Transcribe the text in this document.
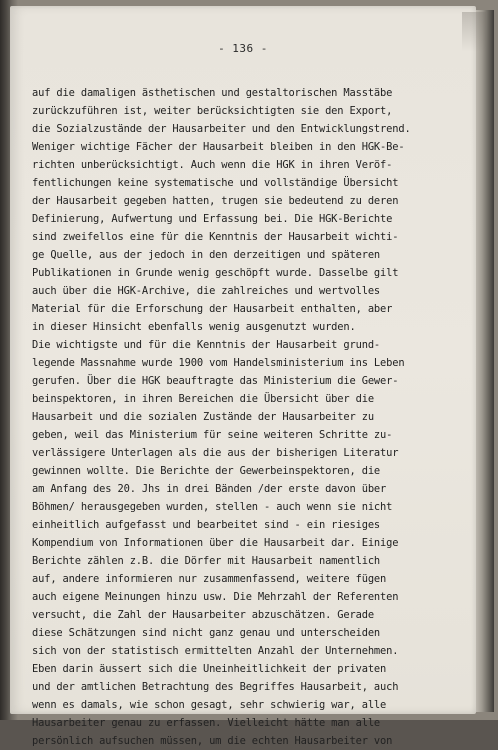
- 136 -
auf die damaligen ästhetischen und gestaltorischen Masstäbe
zurückzuführen ist, weiter berücksichtigten sie den Export,
die Sozialzustände der Hausarbeiter und den Entwicklungstrend.
Weniger wichtige Fächer der Hausarbeit bleiben in den HGK-Be-
richten unberücksichtigt. Auch wenn die HGK in ihren Veröf-
fentlichungen keine systematische und vollständige Übersicht
der Hausarbeit gegeben hatten, trugen sie bedeutend zu deren
Definierung, Aufwertung und Erfassung bei. Die HGK-Berichte
sind zweifellos eine für die Kenntnis der Hausarbeit wichti-
ge Quelle, aus der jedoch in den derzeitigen und späteren
Publikationen in Grunde wenig geschöpft wurde. Dasselbe gilt
auch über die HGK-Archive, die zahlreiches und wertvolles
Material für die Erforschung der Hausarbeit enthalten, aber
in dieser Hinsicht ebenfalls wenig ausgenutzt wurden.
Die wichtigste und für die Kenntnis der Hausarbeit grund-
legende Massnahme wurde 1900 vom Handelsministerium ins Leben
gerufen. Über die HGK beauftragte das Ministerium die Gewer-
beinspektoren, in ihren Bereichen die Übersicht über die
Hausarbeit und die sozialen Zustände der Hausarbeiter zu
geben, weil das Ministerium für seine weiteren Schritte zu-
verlässigere Unterlagen als die aus der bisherigen Literatur
gewinnen wollte. Die Berichte der Gewerbeinspektoren, die
am Anfang des 20. Jhs in drei Bänden /der erste davon über
Böhmen/ herausgegeben wurden, stellen - auch wenn sie nicht
einheitlich aufgefasst und bearbeitet sind - ein riesiges
Kompendium von Informationen über die Hausarbeit dar. Einige
Berichte zählen z.B. die Dörfer mit Hausarbeit namentlich
auf, andere informieren nur zusammenfassend, weitere fügen
auch eigene Meinungen hinzu usw. Die Mehrzahl der Referenten
versucht, die Zahl der Hausarbeiter abzuschätzen. Gerade
diese Schätzungen sind nicht ganz genau und unterscheiden
sich von der statistisch ermittelten Anzahl der Unternehmen.
Eben darin äussert sich die Uneinheitlichkeit der privaten
und der amtlichen Betrachtung des Begriffes Hausarbeit, auch
wenn es damals, wie schon gesagt, sehr schwierig war, alle
Hausarbeiter genau zu erfassen. Vielleicht hätte man alle
persönlich aufsuchen müssen, um die echten Hausarbeiter von
